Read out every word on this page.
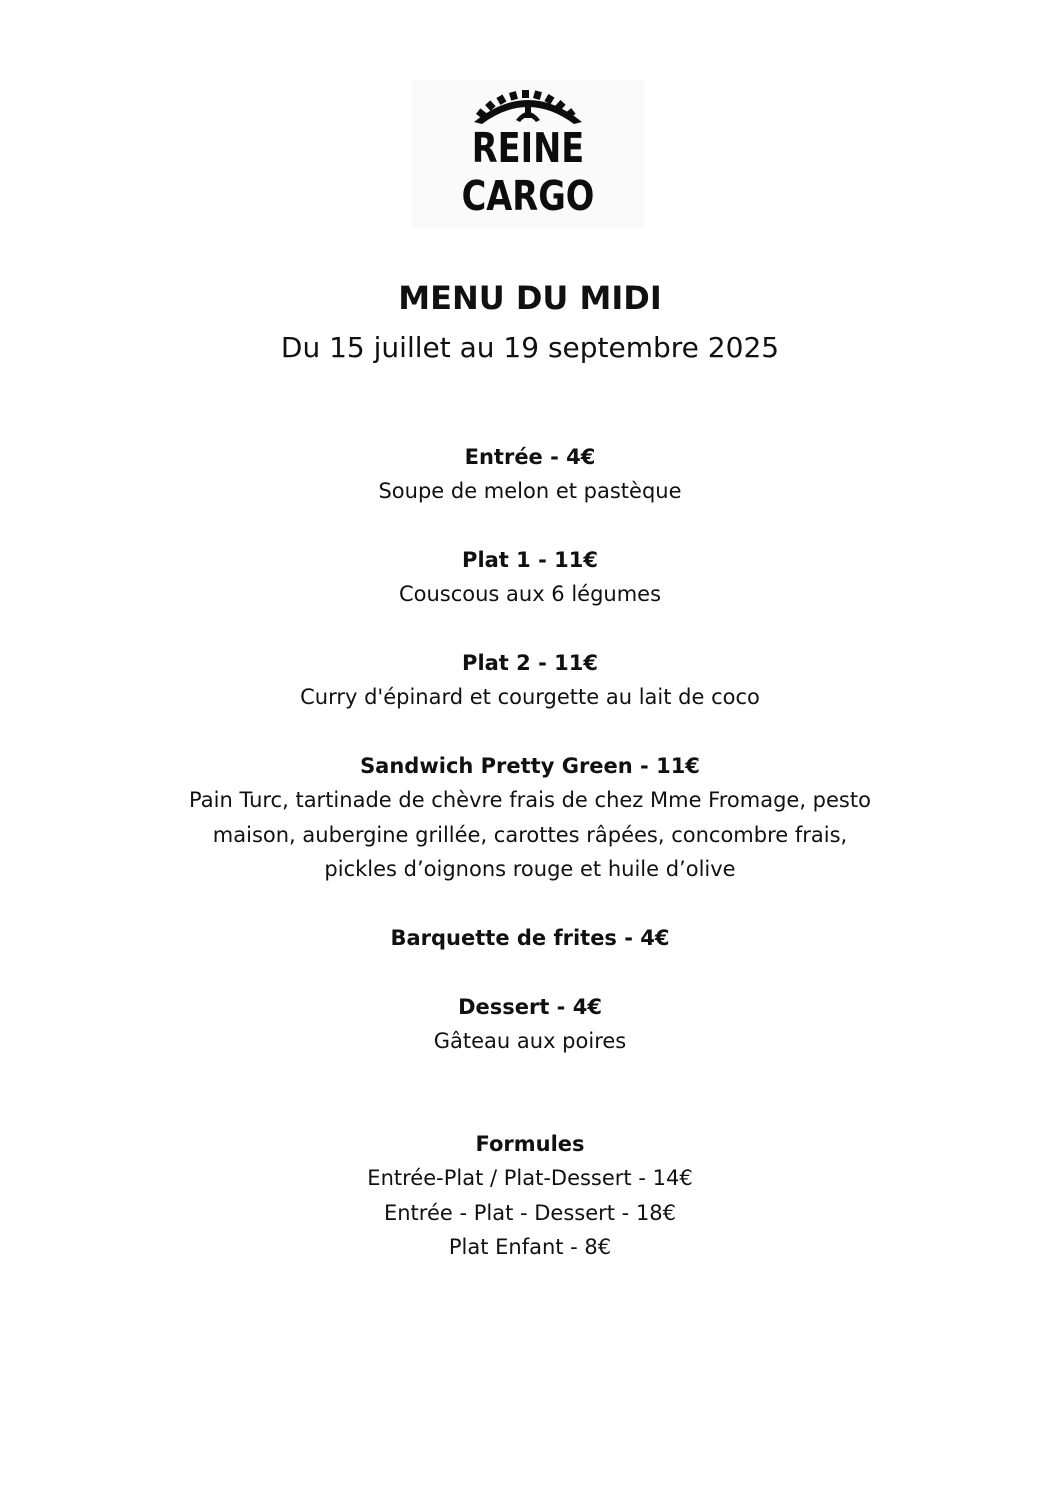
REINE
CARGO
MENU DU MIDI
Du 15 juillet au 19 septembre 2025
Entrée - 4€
Soupe de melon et pastèque
Plat 1 - 11€
Couscous aux 6 légumes
Plat 2 - 11€
Curry d'épinard et courgette au lait de coco
Sandwich Pretty Green - 11€
Pain Turc, tartinade de chèvre frais de chez Mme Fromage, pesto
maison, aubergine grillée, carottes râpées, concombre frais,
pickles d’oignons rouge et huile d’olive
Barquette de frites - 4€
Dessert - 4€
Gâteau aux poires
Formules
Entrée-Plat / Plat-Dessert - 14€
Entrée - Plat - Dessert - 18€
Plat Enfant - 8€
